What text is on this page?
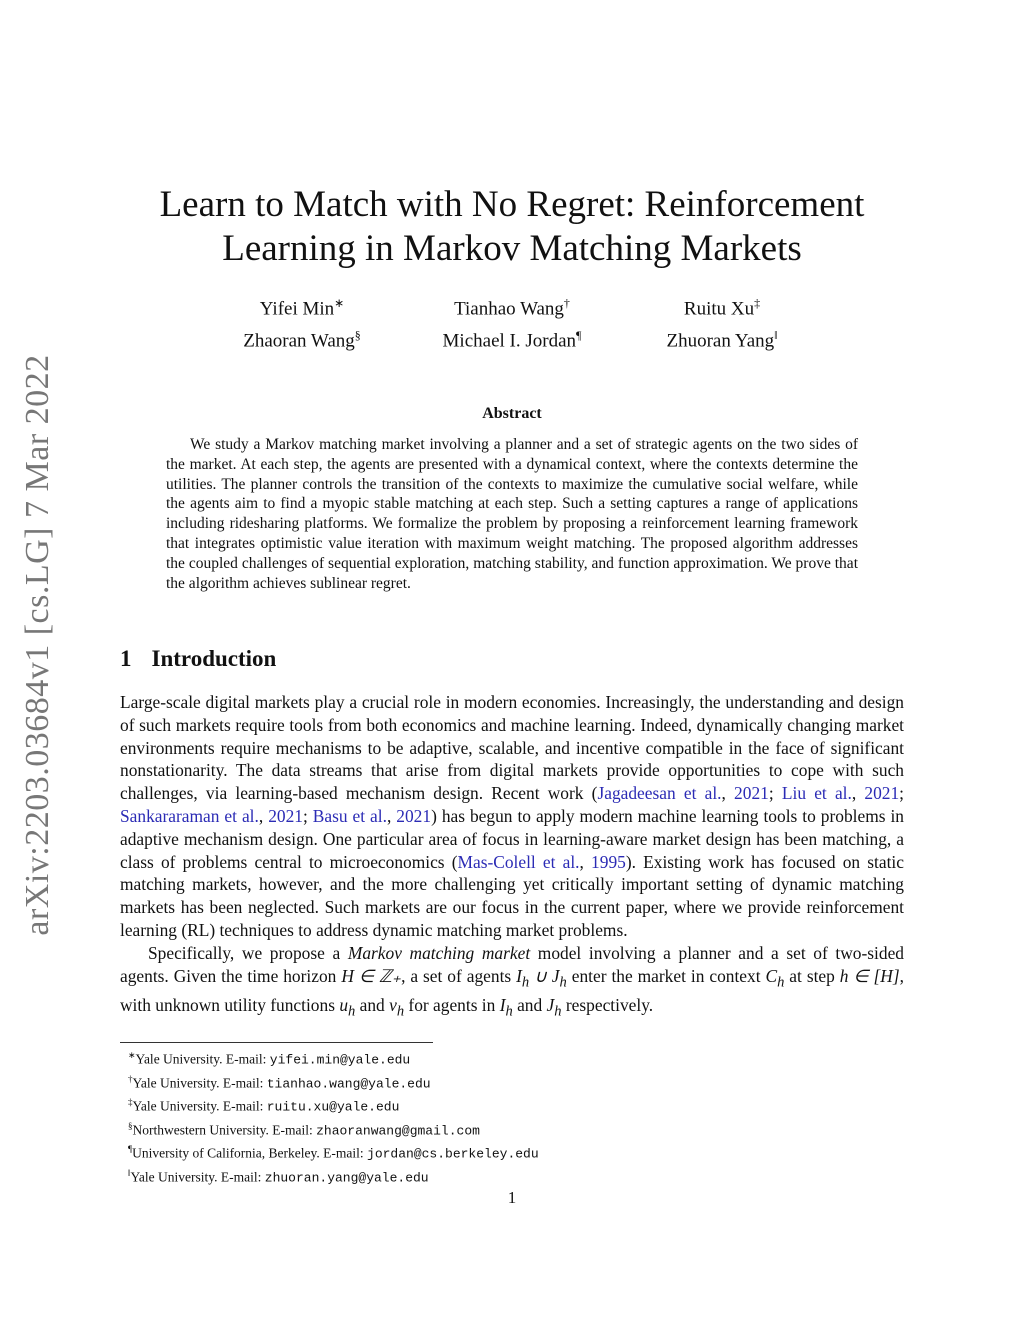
arXiv:2203.03684v1 [cs.LG] 7 Mar 2022
Learn to Match with No Regret: Reinforcement
Learning in Markov Matching Markets
Yifei Min∗	Tianhao Wang†	Ruitu Xu‡
Zhaoran Wang§	Michael I. Jordan¶	Zhuoran Yang‖
Abstract
We study a Markov matching market involving a planner and a set of strategic agents on the two sides of the market. At each step, the agents are presented with a dynamical context, where the contexts determine the utilities. The planner controls the transition of the contexts to maximize the cumulative social welfare, while the agents aim to find a myopic stable matching at each step. Such a setting captures a range of applications including ridesharing platforms. We formalize the problem by proposing a reinforcement learning framework that integrates optimistic value iteration with maximum weight matching. The proposed algorithm addresses the coupled challenges of sequential exploration, matching stability, and function approximation. We prove that the algorithm achieves sublinear regret.
1 Introduction

Large-scale digital markets play a crucial role in modern economies. Increasingly, the understanding and design of such markets require tools from both economics and machine learning. Indeed, dynamically changing market environments require mechanisms to be adaptive, scalable, and incentive compatible in the face of significant nonstationarity. The data streams that arise from digital markets provide opportunities to cope with such challenges, via learning-based mechanism design. Recent work (Jagadeesan et al., 2021; Liu et al., 2021; Sankararaman et al., 2021; Basu et al., 2021) has begun to apply modern machine learning tools to problems in adaptive mechanism design. One particular area of focus in learning-aware market design has been matching, a class of problems central to microeconomics (Mas-Colell et al., 1995). Existing work has focused on static matching markets, however, and the more challenging yet critically important setting of dynamic matching markets has been neglected. Such markets are our focus in the current paper, where we provide reinforcement learning (RL) techniques to address dynamic matching market problems.

Specifically, we propose a Markov matching market model involving a planner and a set of two-sided agents. Given the time horizon H ∈ ℤ₊, a set of agents $I_h$ ∪ $J_h$ enter the market in context $C_h$ at step h ∈ [H], with unknown utility functions $u_h$ and $v_h$ for agents in $I_h$ and $J_h$ respectively.

∗Yale University. E-mail: yifei.min@yale.edu
†Yale University. E-mail: tianhao.wang@yale.edu
‡Yale University. E-mail: ruitu.xu@yale.edu
§Northwestern University. E-mail: zhaoranwang@gmail.com
¶University of California, Berkeley. E-mail: jordan@cs.berkeley.edu
‖Yale University. E-mail: zhuoran.yang@yale.edu
1
